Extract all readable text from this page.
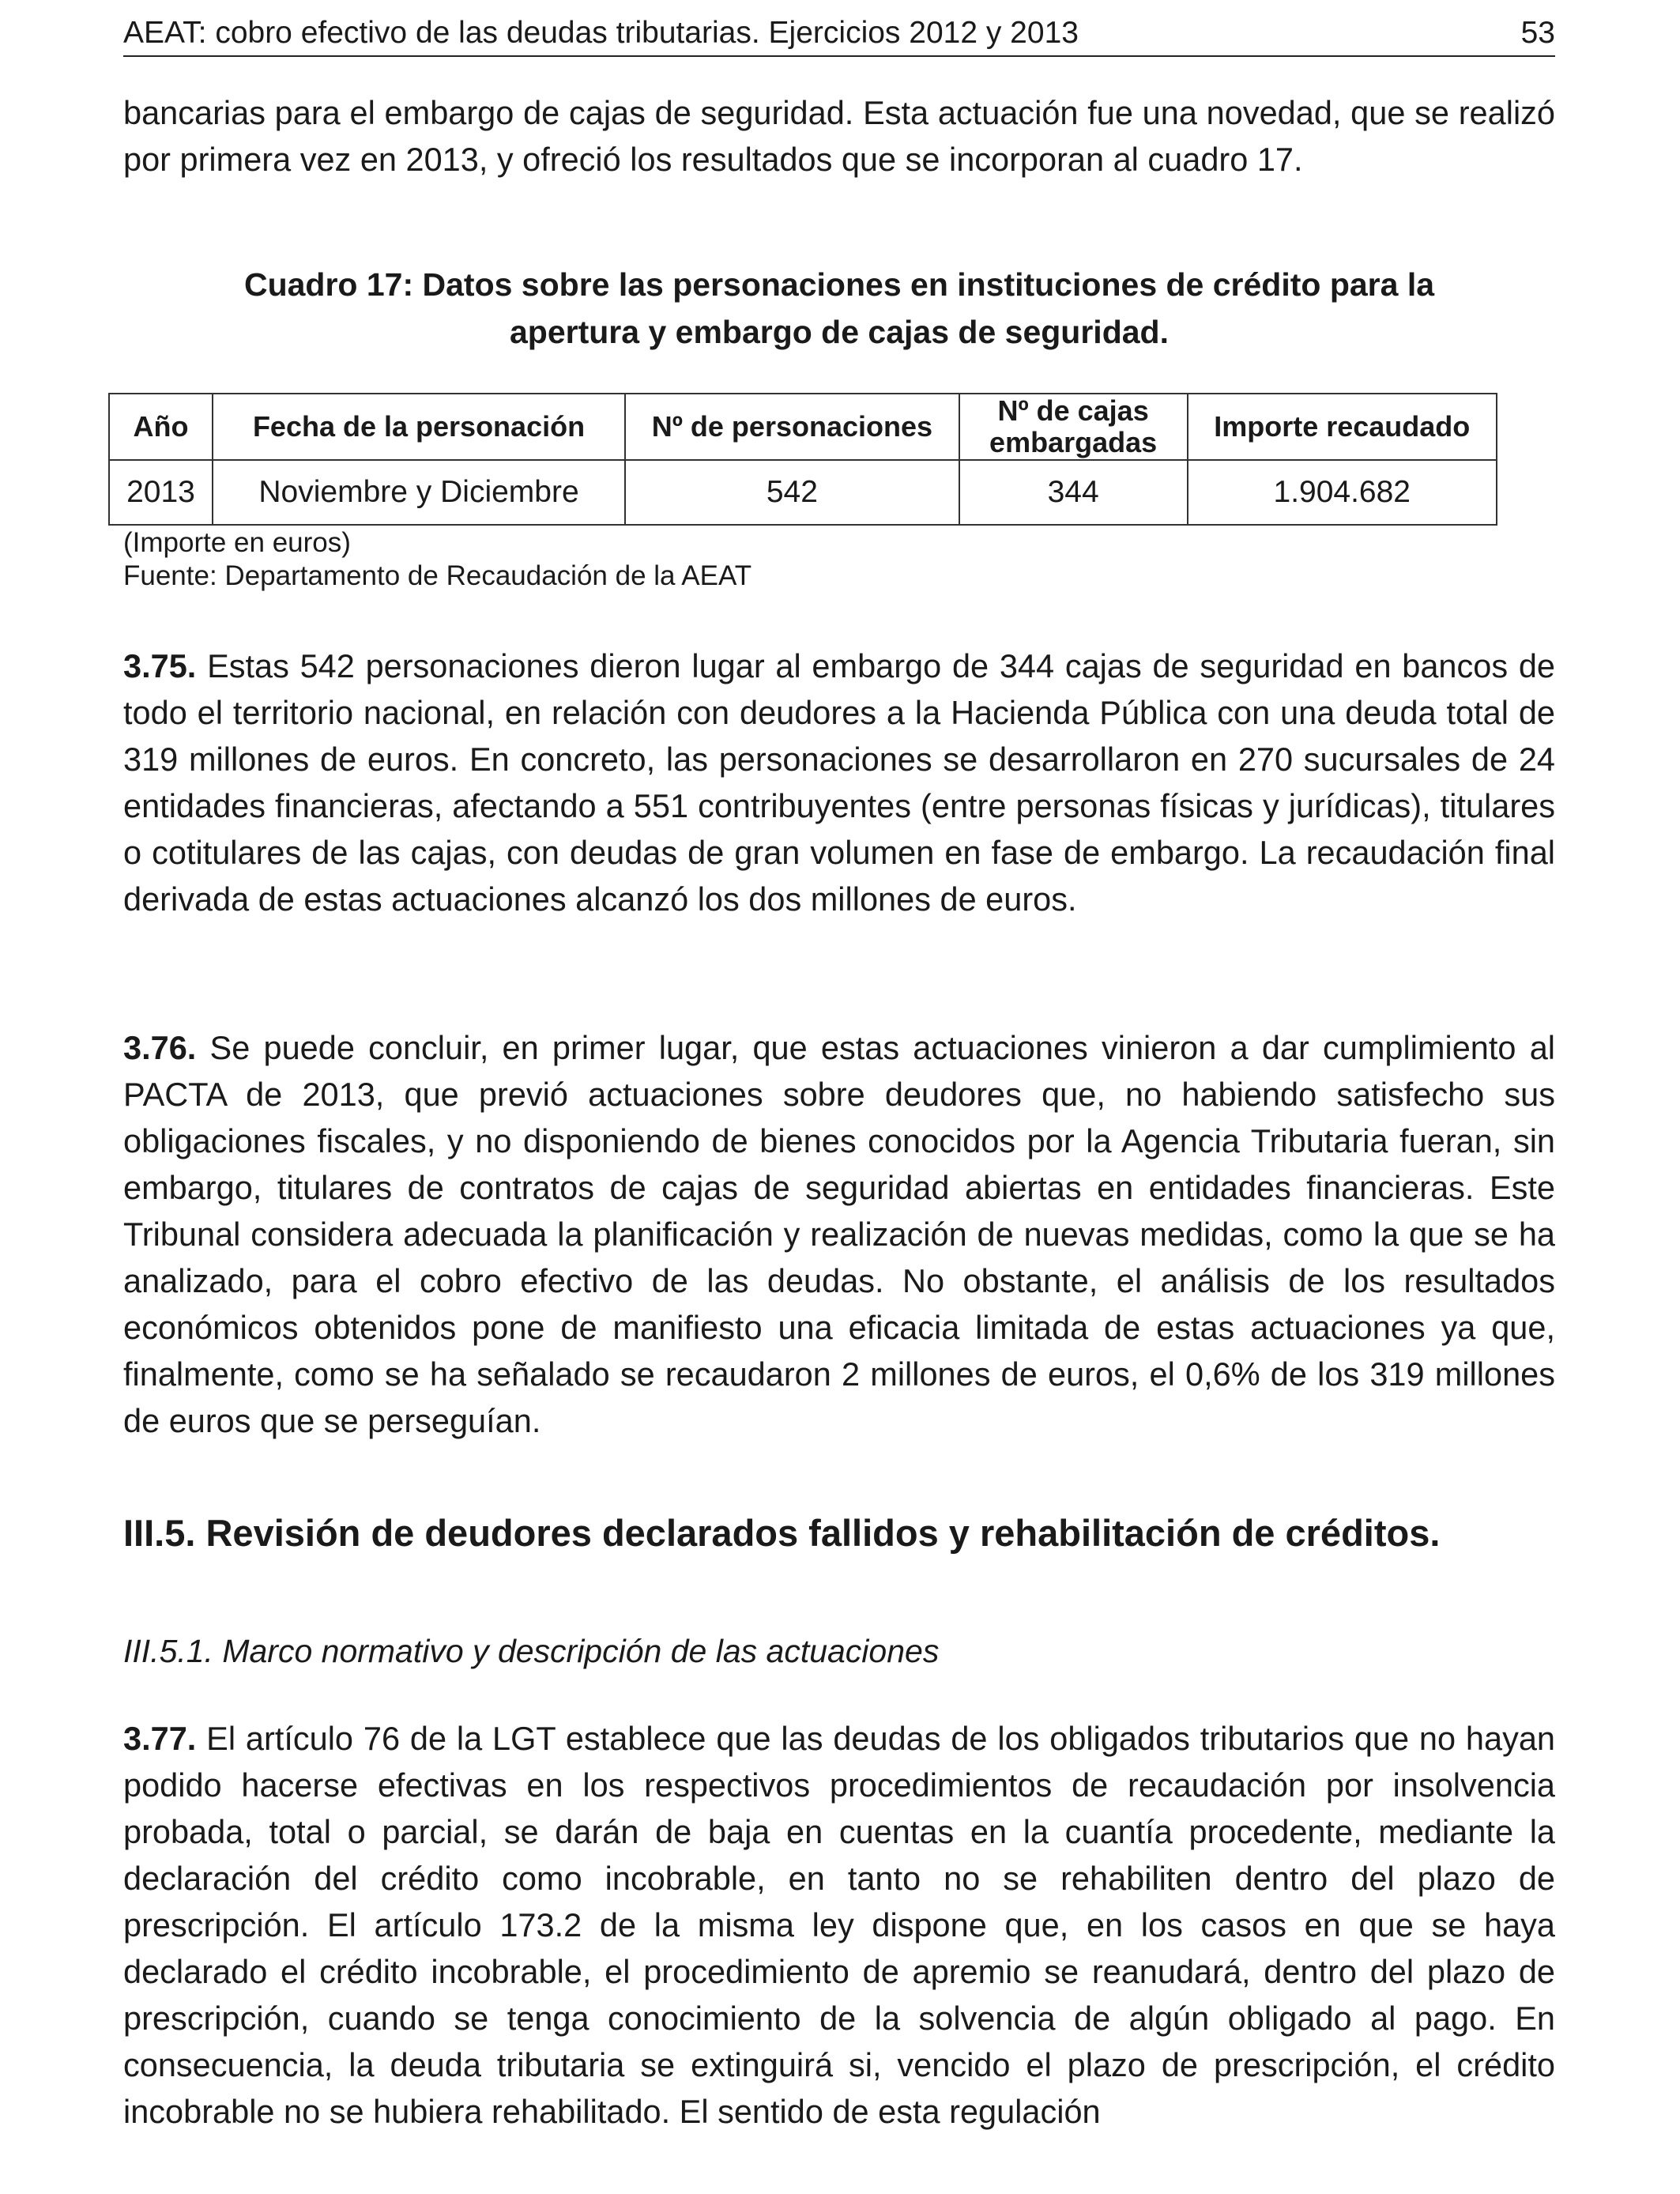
AEAT: cobro efectivo de las deudas tributarias. Ejercicios 2012 y 2013	53

bancarias para el embargo de cajas de seguridad. Esta actuación fue una novedad, que se realizó por primera vez en 2013, y ofreció los resultados que se incorporan al cuadro 17.

Cuadro 17: Datos sobre las personaciones en instituciones de crédito para la
apertura y embargo de cajas de seguridad.
Año	Fecha de la personación	Nº de personaciones	Nº de cajas embargadas	Importe recaudado
2013	Noviembre y Diciembre	542	344	1.904.682
(Importe en euros)
Fuente: Departamento de Recaudación de la AEAT

3.75. Estas 542 personaciones dieron lugar al embargo de 344 cajas de seguridad en bancos de todo el territorio nacional, en relación con deudores a la Hacienda Pública con una deuda total de 319 millones de euros. En concreto, las personaciones se desarrollaron en 270 sucursales de 24 entidades financieras, afectando a 551 contribuyentes (entre personas físicas y jurídicas), titulares o cotitulares de las cajas, con deudas de gran volumen en fase de embargo. La recaudación final derivada de estas actuaciones alcanzó los dos millones de euros.

3.76. Se puede concluir, en primer lugar, que estas actuaciones vinieron a dar cumplimiento al PACTA de 2013, que previó actuaciones sobre deudores que, no habiendo satisfecho sus obligaciones fiscales, y no disponiendo de bienes conocidos por la Agencia Tributaria fueran, sin embargo, titulares de contratos de cajas de seguridad abiertas en entidades financieras. Este Tribunal considera adecuada la planificación y realización de nuevas medidas, como la que se ha analizado, para el cobro efectivo de las deudas. No obstante, el análisis de los resultados económicos obtenidos pone de manifiesto una eficacia limitada de estas actuaciones ya que, finalmente, como se ha señalado se recaudaron 2 millones de euros, el 0,6% de los 319 millones de euros que se perseguían.

III.5. Revisión de deudores declarados fallidos y rehabilitación de créditos.
III.5.1. Marco normativo y descripción de las actuaciones

3.77. El artículo 76 de la LGT establece que las deudas de los obligados tributarios que no hayan podido hacerse efectivas en los respectivos procedimientos de recaudación por insolvencia probada, total o parcial, se darán de baja en cuentas en la cuantía procedente, mediante la declaración del crédito como incobrable, en tanto no se rehabiliten dentro del plazo de prescripción. El artículo 173.2 de la misma ley dispone que, en los casos en que se haya declarado el crédito incobrable, el procedimiento de apremio se reanudará, dentro del plazo de prescripción, cuando se tenga conocimiento de la solvencia de algún obligado al pago. En consecuencia, la deuda tributaria se extinguirá si, vencido el plazo de prescripción, el crédito incobrable no se hubiera rehabilitado. El sentido de esta regulación
